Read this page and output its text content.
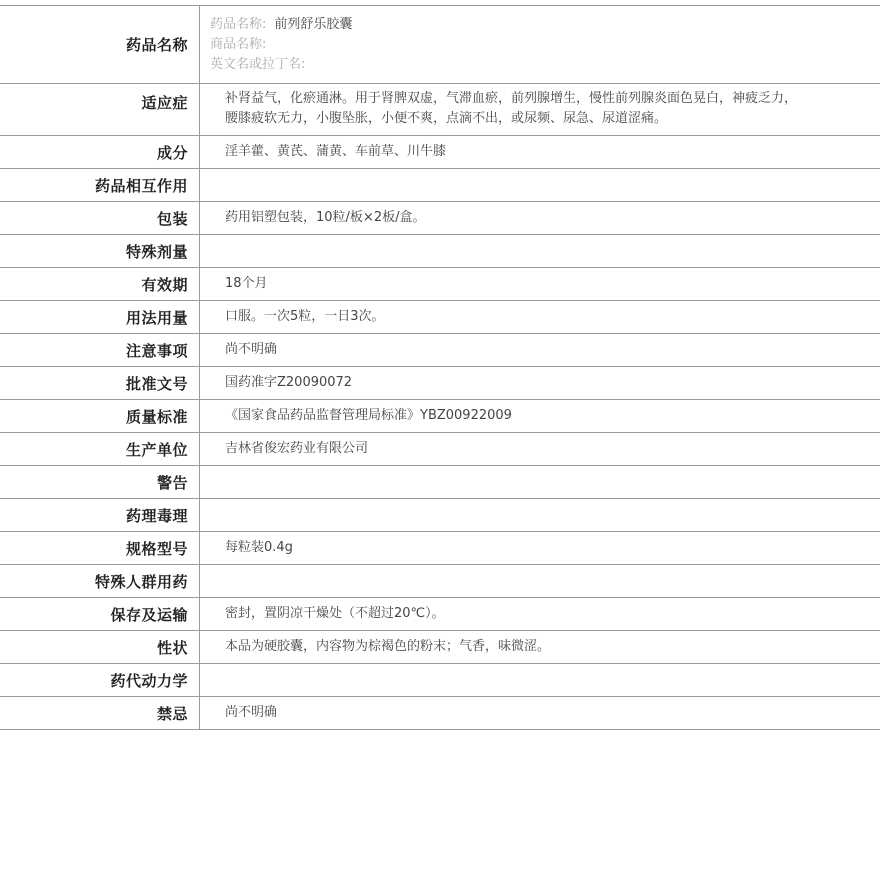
药品名称
药品名称: 前列舒乐胶囊
商品名称:
英文名或拉丁名:
适应症	补肾益气，化瘀通淋。用于肾脾双虚，气滞血瘀，前列腺增生，慢性前列腺炎面色晃白，神疲乏力，腰膝疲软无力，小腹坠胀，小便不爽，点滴不出，或尿频、尿急、尿道涩痛。
成分	淫羊藿、黄芪、蒲黄、车前草、川牛膝
药品相互作用
包装	药用铝塑包装，10粒/板×2板/盒。
特殊剂量
有效期	18个月
用法用量	口服。一次5粒，一日3次。
注意事项	尚不明确
批准文号	国药准字Z20090072
质量标准	《国家食品药品监督管理局标准》YBZ00922009
生产单位	吉林省俊宏药业有限公司
警告
药理毒理
规格型号	每粒装0.4g
特殊人群用药
保存及运输	密封，置阴凉干燥处（不超过20℃）。
性状	本品为硬胶囊，内容物为棕褐色的粉末；气香，味微涩。
药代动力学
禁忌	尚不明确
